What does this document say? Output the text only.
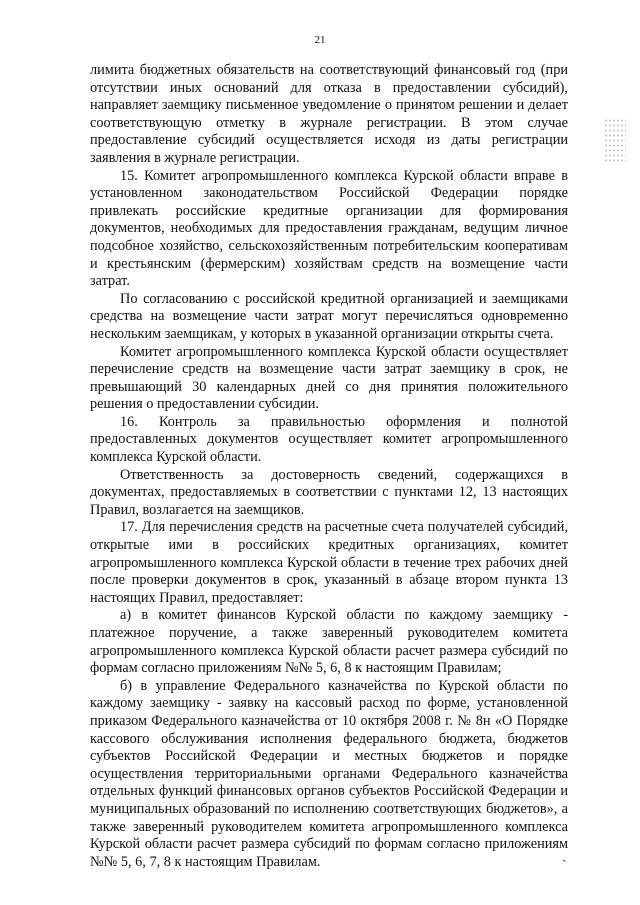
21

лимита бюджетных обязательств на соответствующий финансовый год (при отсутствии иных оснований для отказа в предоставлении субсидий), направляет заемщику письменное уведомление о принятом решении и делает соответствующую отметку в журнале регистрации. В этом случае предоставление субсидий осуществляется исходя из даты регистрации заявления в журнале регистрации.

15. Комитет агропромышленного комплекса Курской области вправе в установленном законодательством Российской Федерации порядке привлекать российские кредитные организации для формирования документов, необходимых для предоставления гражданам, ведущим личное подсобное хозяйство, сельскохозяйственным потребительским кооперативам и крестьянским (фермерским) хозяйствам средств на возмещение части затрат.

По согласованию с российской кредитной организацией и заемщиками средства на возмещение части затрат могут перечисляться одновременно нескольким заемщикам, у которых в указанной организации открыты счета.

Комитет агропромышленного комплекса Курской области осуществляет перечисление средств на возмещение части затрат заемщику в срок, не превышающий 30 календарных дней со дня принятия положительного решения о предоставлении субсидии.

16. Контроль за правильностью оформления и полнотой предоставленных документов осуществляет комитет агропромышленного комплекса Курской области.

Ответственность за достоверность сведений, содержащихся в документах, предоставляемых в соответствии с пунктами 12, 13 настоящих Правил, возлагается на заемщиков.

17. Для перечисления средств на расчетные счета получателей субсидий, открытые ими в российских кредитных организациях, комитет агропромышленного комплекса Курской области в течение трех рабочих дней после проверки документов в срок, указанный в абзаце втором пункта 13 настоящих Правил, предоставляет:

а) в комитет финансов Курской области по каждому заемщику - платежное поручение, а также заверенный руководителем комитета агропромышленного комплекса Курской области расчет размера субсидий по формам согласно приложениям №№ 5, 6, 8 к настоящим Правилам;

б) в управление Федерального казначейства по Курской области по каждому заемщику - заявку на кассовый расход по форме, установленной приказом Федерального казначейства от 10 октября 2008 г. № 8н «О Порядке кассового обслуживания исполнения федерального бюджета, бюджетов субъектов Российской Федерации и местных бюджетов и порядке осуществления территориальными органами Федерального казначейства отдельных функций финансовых органов субъектов Российской Федерации и муниципальных образований по исполнению соответствующих бюджетов», а также заверенный руководителем комитета агропромышленного комплекса Курской области расчет размера субсидий по формам согласно приложениям №№ 5, 6, 7, 8 к настоящим Правилам.	ˏ
